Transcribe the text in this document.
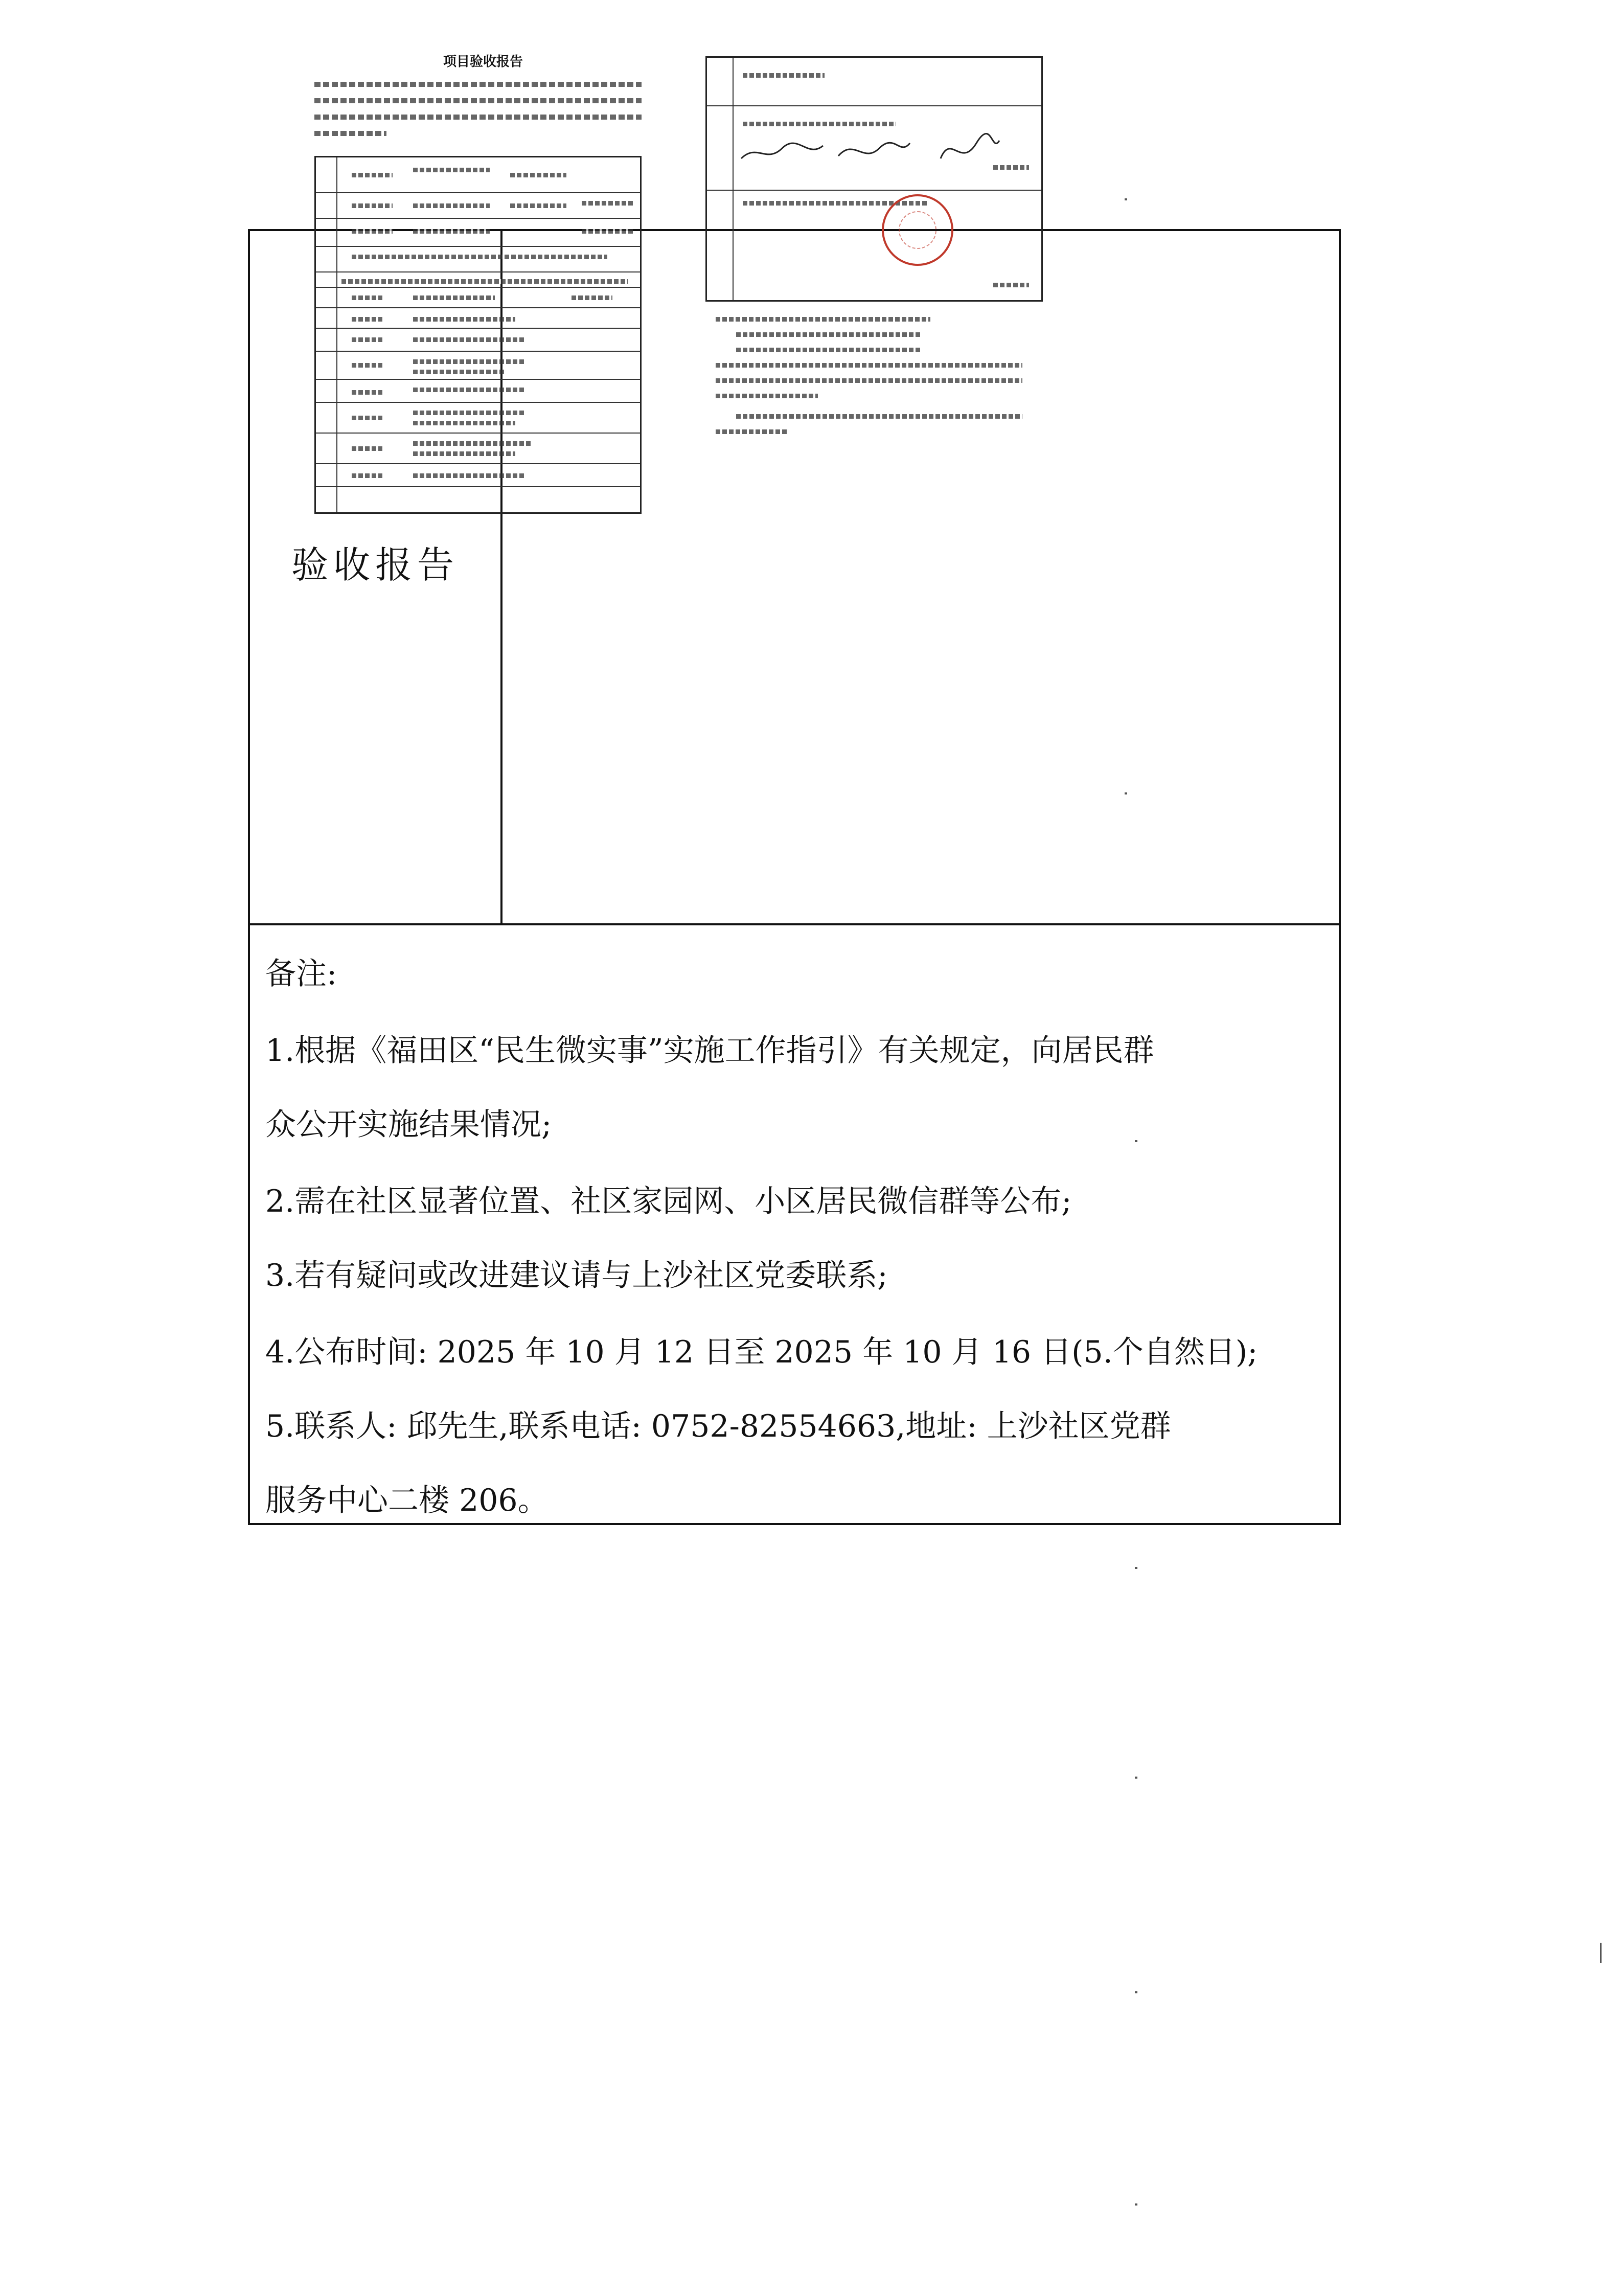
验收报告
备注:
1.根据《福田区“民生微实事”实施工作指引》有关规定，向居民群
众公开实施结果情况;
2.需在社区显著位置、社区家园网、小区居民微信群等公布;
3.若有疑问或改进建议请与上沙社区党委联系;
4.公布时间: 2025 年 10 月 12 日至 2025 年 10 月 16 日(5.个自然日);
5.联系人: 邱先生,联系电话: 0752-82554663,地址: 上沙社区党群
服务中心二楼 206。
项目验收报告
